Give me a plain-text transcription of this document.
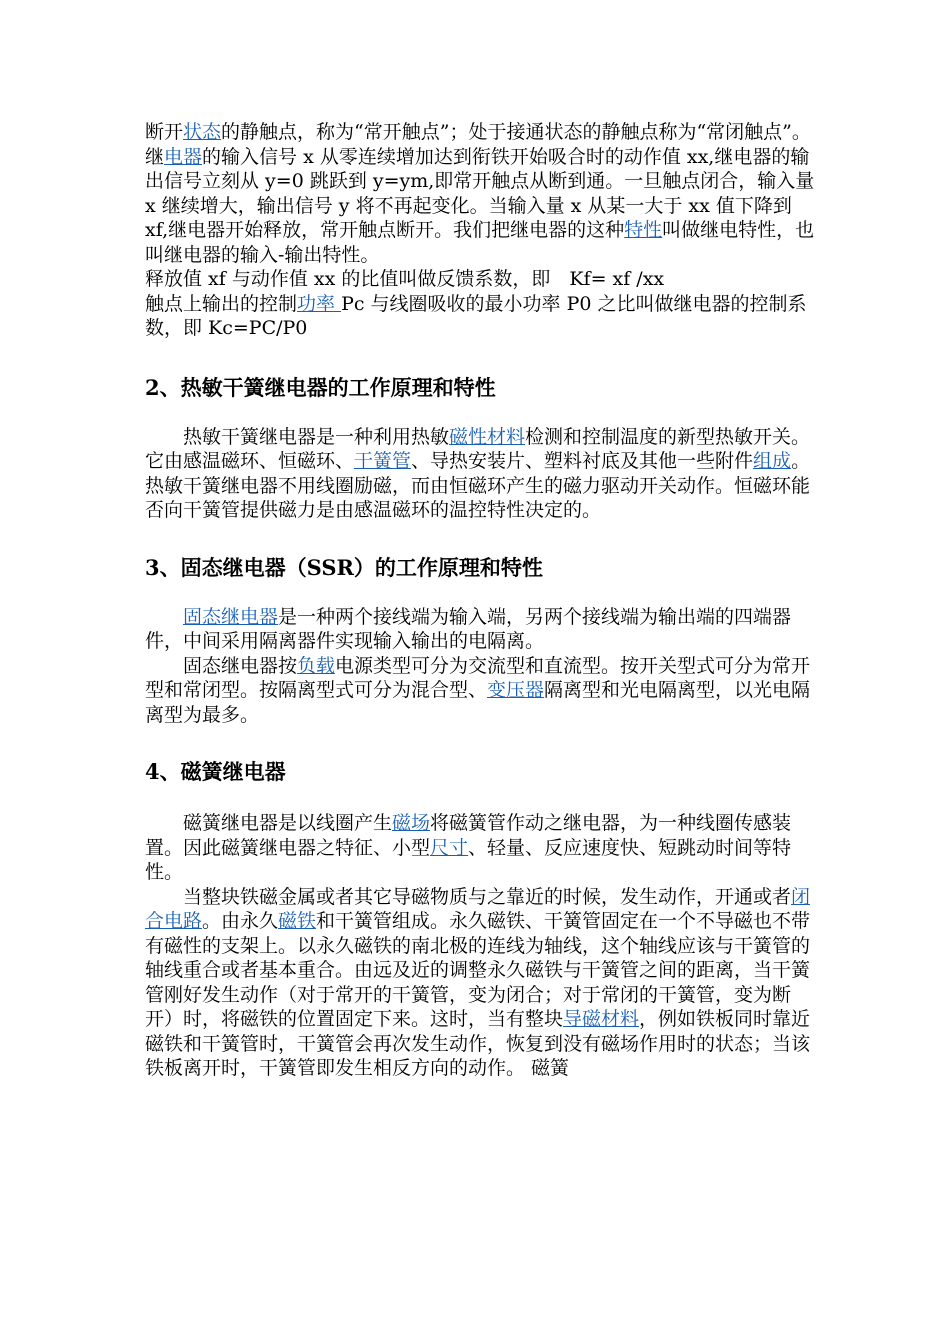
断开状态的静触点，称为“常开触点”；处于接通状态的静触点称为“常闭触点”。

继电器的输入信号 x 从零连续增加达到衔铁开始吸合时的动作值 xx,继电器的输出信号立刻从 y=0 跳跃到 y=ym,即常开触点从断到通。一旦触点闭合，输入量 x 继续增大，输出信号 y 将不再起变化。当输入量 x 从某一大于 xx 值下降到 xf,继电器开始释放，常开触点断开。我们把继电器的这种特性叫做继电特性，也叫继电器的输入-输出特性。

释放值 xf 与动作值 xx 的比值叫做反馈系数，即　Kf= xf /xx

触点上输出的控制功率 Pc 与线圈吸收的最小功率 P0 之比叫做继电器的控制系数，即 Kc=PC/P0

2、热敏干簧继电器的工作原理和特性

热敏干簧继电器是一种利用热敏磁性材料检测和控制温度的新型热敏开关。它由感温磁环、恒磁环、干簧管、导热安装片、塑料衬底及其他一些附件组成。热敏干簧继电器不用线圈励磁，而由恒磁环产生的磁力驱动开关动作。恒磁环能否向干簧管提供磁力是由感温磁环的温控特性决定的。

3、固态继电器（SSR）的工作原理和特性

固态继电器是一种两个接线端为输入端，另两个接线端为输出端的四端器件，中间采用隔离器件实现输入输出的电隔离。

固态继电器按负载电源类型可分为交流型和直流型。按开关型式可分为常开型和常闭型。按隔离型式可分为混合型、变压器隔离型和光电隔离型，以光电隔离型为最多。

4、磁簧继电器

磁簧继电器是以线圈产生磁场将磁簧管作动之继电器，为一种线圈传感装置。因此磁簧继电器之特征、小型尺寸、轻量、反应速度快、短跳动时间等特性。

当整块铁磁金属或者其它导磁物质与之靠近的时候，发生动作，开通或者闭合电路。由永久磁铁和干簧管组成。永久磁铁、干簧管固定在一个不导磁也不带有磁性的支架上。以永久磁铁的南北极的连线为轴线，这个轴线应该与干簧管的轴线重合或者基本重合。由远及近的调整永久磁铁与干簧管之间的距离，当干簧管刚好发生动作（对于常开的干簧管，变为闭合；对于常闭的干簧管，变为断开）时，将磁铁的位置固定下来。这时，当有整块导磁材料，例如铁板同时靠近磁铁和干簧管时，干簧管会再次发生动作，恢复到没有磁场作用时的状态；当该铁板离开时，干簧管即发生相反方向的动作。 磁簧
